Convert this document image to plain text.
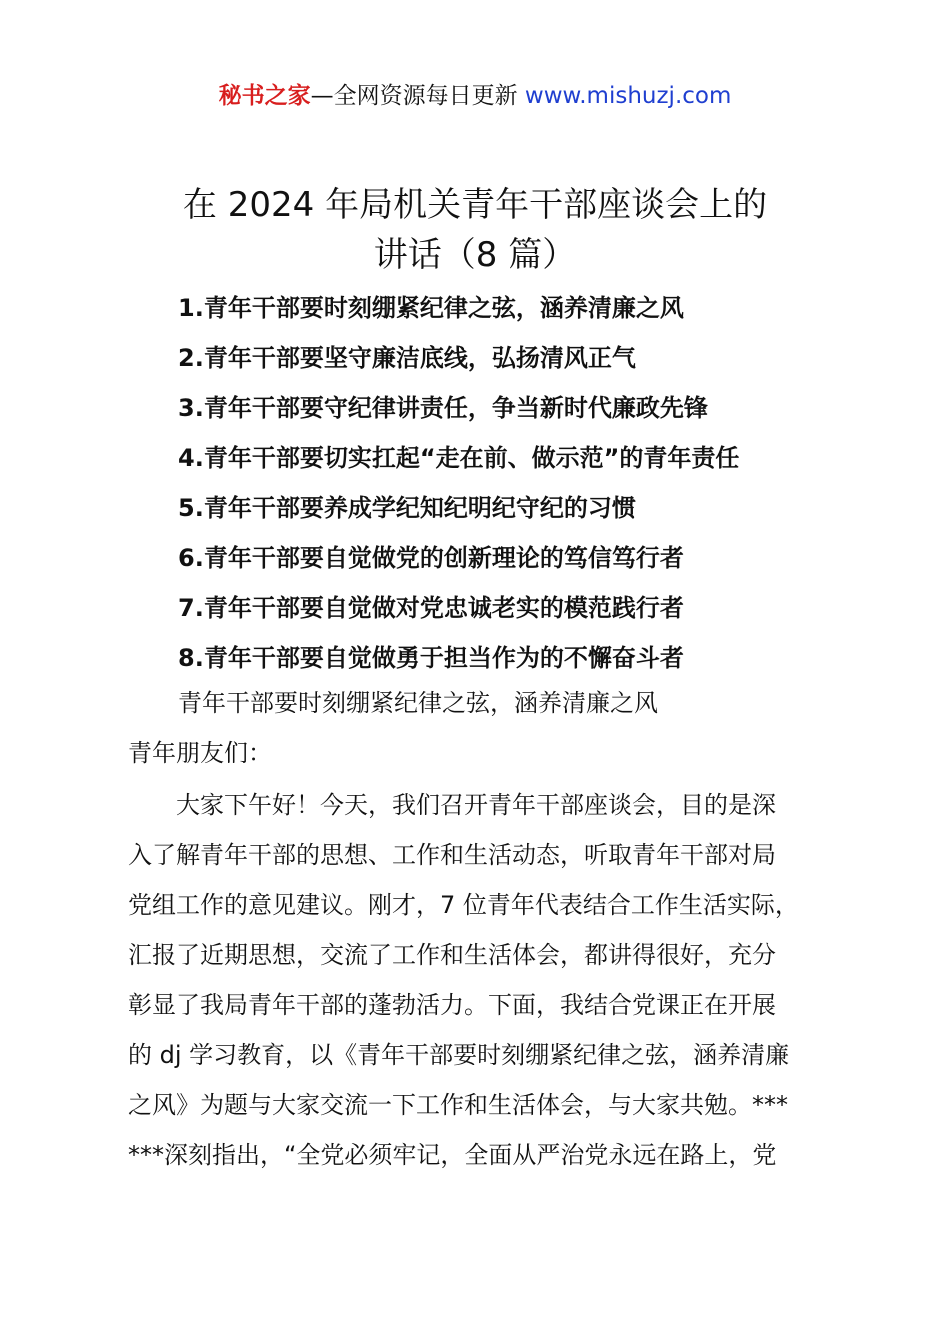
秘书之家—全网资源每日更新 www.mishuzj.com
在 2024 年局机关青年干部座谈会上的
讲话（8 篇）
1.青年干部要时刻绷紧纪律之弦，涵养清廉之风
2.青年干部要坚守廉洁底线，弘扬清风正气
3.青年干部要守纪律讲责任，争当新时代廉政先锋
4.青年干部要切实扛起“走在前、做示范”的青年责任
5.青年干部要养成学纪知纪明纪守纪的习惯
6.青年干部要自觉做党的创新理论的笃信笃行者
7.青年干部要自觉做对党忠诚老实的模范践行者
8.青年干部要自觉做勇于担当作为的不懈奋斗者
青年干部要时刻绷紧纪律之弦，涵养清廉之风
青年朋友们：
　　大家下午好！今天，我们召开青年干部座谈会，目的是深
入了解青年干部的思想、工作和生活动态，听取青年干部对局
党组工作的意见建议。刚才，7 位青年代表结合工作生活实际，
汇报了近期思想，交流了工作和生活体会，都讲得很好，充分
彰显了我局青年干部的蓬勃活力。下面，我结合党课正在开展
的 dj 学习教育，以《青年干部要时刻绷紧纪律之弦，涵养清廉
之风》为题与大家交流一下工作和生活体会，与大家共勉。***
***深刻指出，“全党必须牢记，全面从严治党永远在路上，党
